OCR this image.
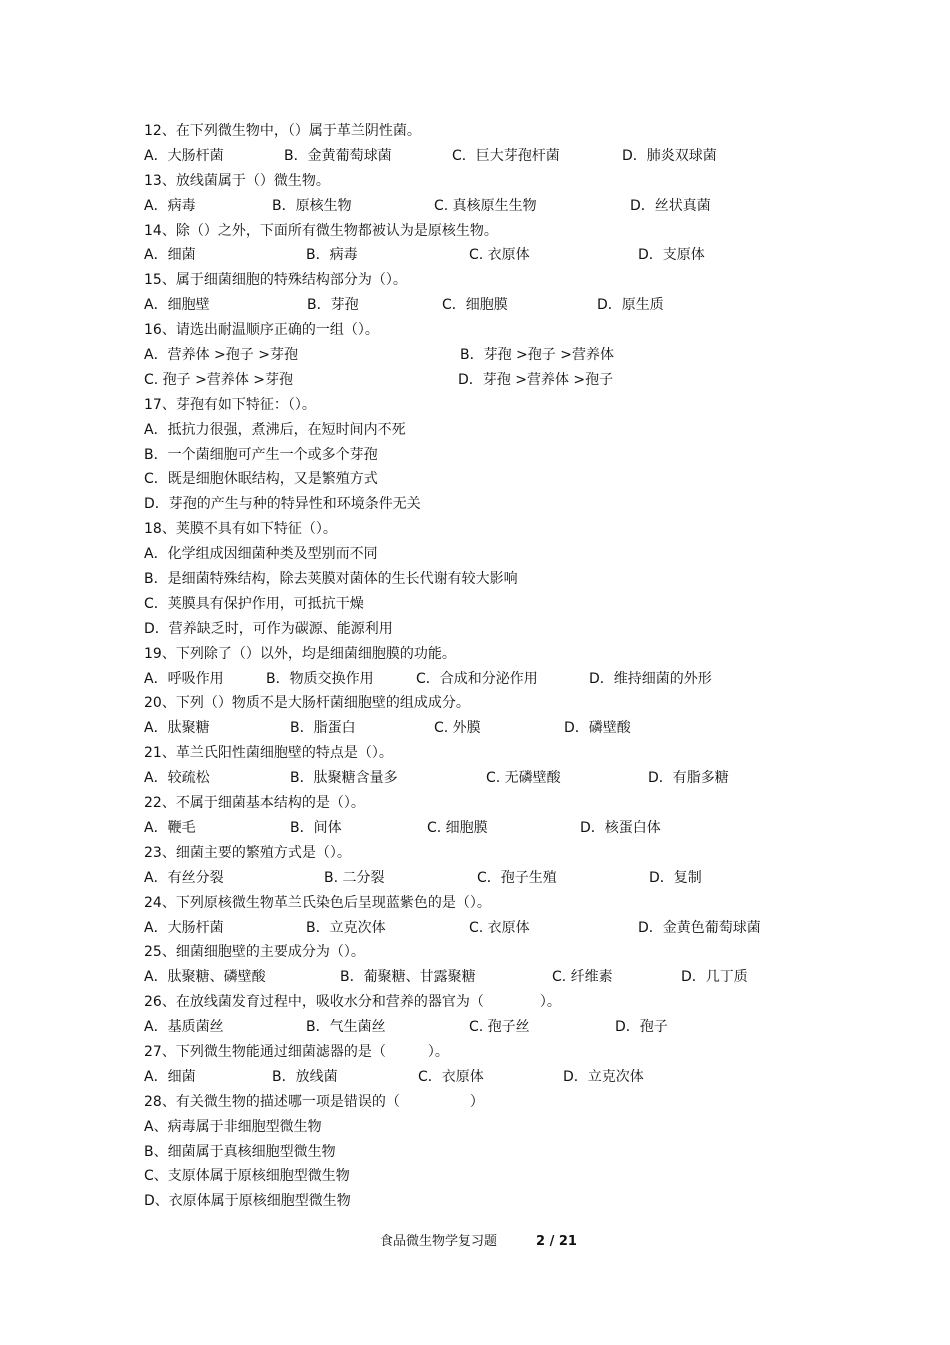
12、在下列微生物中，（）属于革兰阴性菌。
A．大肠杆菌	B．金黄葡萄球菌	C．巨大芽孢杆菌	D．肺炎双球菌
13、放线菌属于（）微生物。
A．病毒	B．原核生物	C. 真核原生生物	D．丝状真菌
14、除（）之外，下面所有微生物都被认为是原核生物。
A．细菌	B．病毒	C. 衣原体	D．支原体
15、属于细菌细胞的特殊结构部分为（）。
A．细胞壁	B．芽孢	C．细胞膜	D．原生质
16、请选出耐温顺序正确的一组（）。
A．营养体 >孢子 >芽孢	B．芽孢 >孢子 >营养体
C. 孢子 >营养体 >芽孢	D．芽孢 >营养体 >孢子
17、芽孢有如下特征：（）。
A．抵抗力很强，煮沸后，在短时间内不死
B．一个菌细胞可产生一个或多个芽孢
C．既是细胞休眠结构，又是繁殖方式
D．芽孢的产生与种的特异性和环境条件无关
18、荚膜不具有如下特征（）。
A．化学组成因细菌种类及型别而不同
B．是细菌特殊结构，除去荚膜对菌体的生长代谢有较大影响
C．荚膜具有保护作用，可抵抗干燥
D．营养缺乏时，可作为碳源、能源利用
19、下列除了（）以外，均是细菌细胞膜的功能。
A．呼吸作用	B．物质交换作用	C．合成和分泌作用	D．维持细菌的外形
20、下列（）物质不是大肠杆菌细胞壁的组成成分。
A．肽聚糖	B．脂蛋白	C. 外膜	D．磷壁酸
21、革兰氏阳性菌细胞壁的特点是（）。
A．较疏松	B．肽聚糖含量多	C. 无磷壁酸	D．有脂多糖
22、不属于细菌基本结构的是（）。
A．鞭毛	B．间体	C. 细胞膜	D．核蛋白体
23、细菌主要的繁殖方式是（）。
A．有丝分裂	B. 二分裂	C．孢子生殖	D．复制
24、下列原核微生物革兰氏染色后呈现蓝紫色的是（）。
A．大肠杆菌	B．立克次体	C. 衣原体	D．金黄色葡萄球菌
25、细菌细胞壁的主要成分为（）。
A．肽聚糖、磷壁酸	B．葡聚糖、甘露聚糖	C. 纤维素	D．几丁质
26、在放线菌发育过程中，吸收水分和营养的器官为（　　　　）。
A．基质菌丝	B．气生菌丝	C. 孢子丝	D．孢子
27、下列微生物能通过细菌滤器的是（　　　）。
A．细菌	B．放线菌	C．衣原体	D．立克次体
28、有关微生物的描述哪一项是错误的（　　　　　）
A、病毒属于非细胞型微生物
B、细菌属于真核细胞型微生物
C、支原体属于原核细胞型微生物
D、衣原体属于原核细胞型微生物
食品微生物学复习题	2 / 21
